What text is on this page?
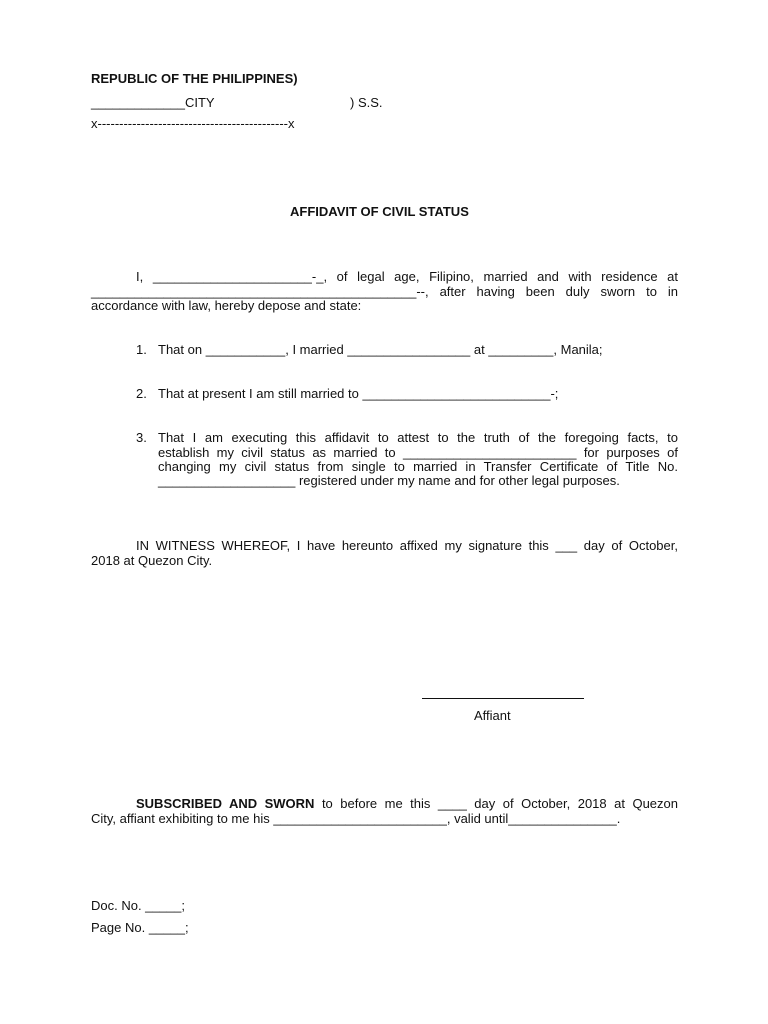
REPUBLIC OF THE PHILIPPINES)
_____________CITY	) S.S.
x--------------------------------------------x
AFFIDAVIT OF CIVIL STATUS
I, ______________________-_, of legal age, Filipino, married and with residence at
_____________________________________________--, after having been duly sworn to in
accordance with law, hereby depose and state:
1. That on ___________, I married _________________ at _________, Manila;
2. That at present I am still married to __________________________-;
3. That I am executing this affidavit to attest to the truth of the foregoing facts, to
establish my civil status as married to ________________________ for purposes of
changing my civil status from single to married in Transfer Certificate of Title No.
___________________ registered under my name and for other legal purposes.
IN WITNESS WHEREOF, I have hereunto affixed my signature this ___ day of October,
2018 at Quezon City.
Affiant
SUBSCRIBED AND SWORN to before me this ____ day of October, 2018 at Quezon
City, affiant exhibiting to me his ________________________, valid until_______________.
Doc. No. _____;
Page No. _____;
